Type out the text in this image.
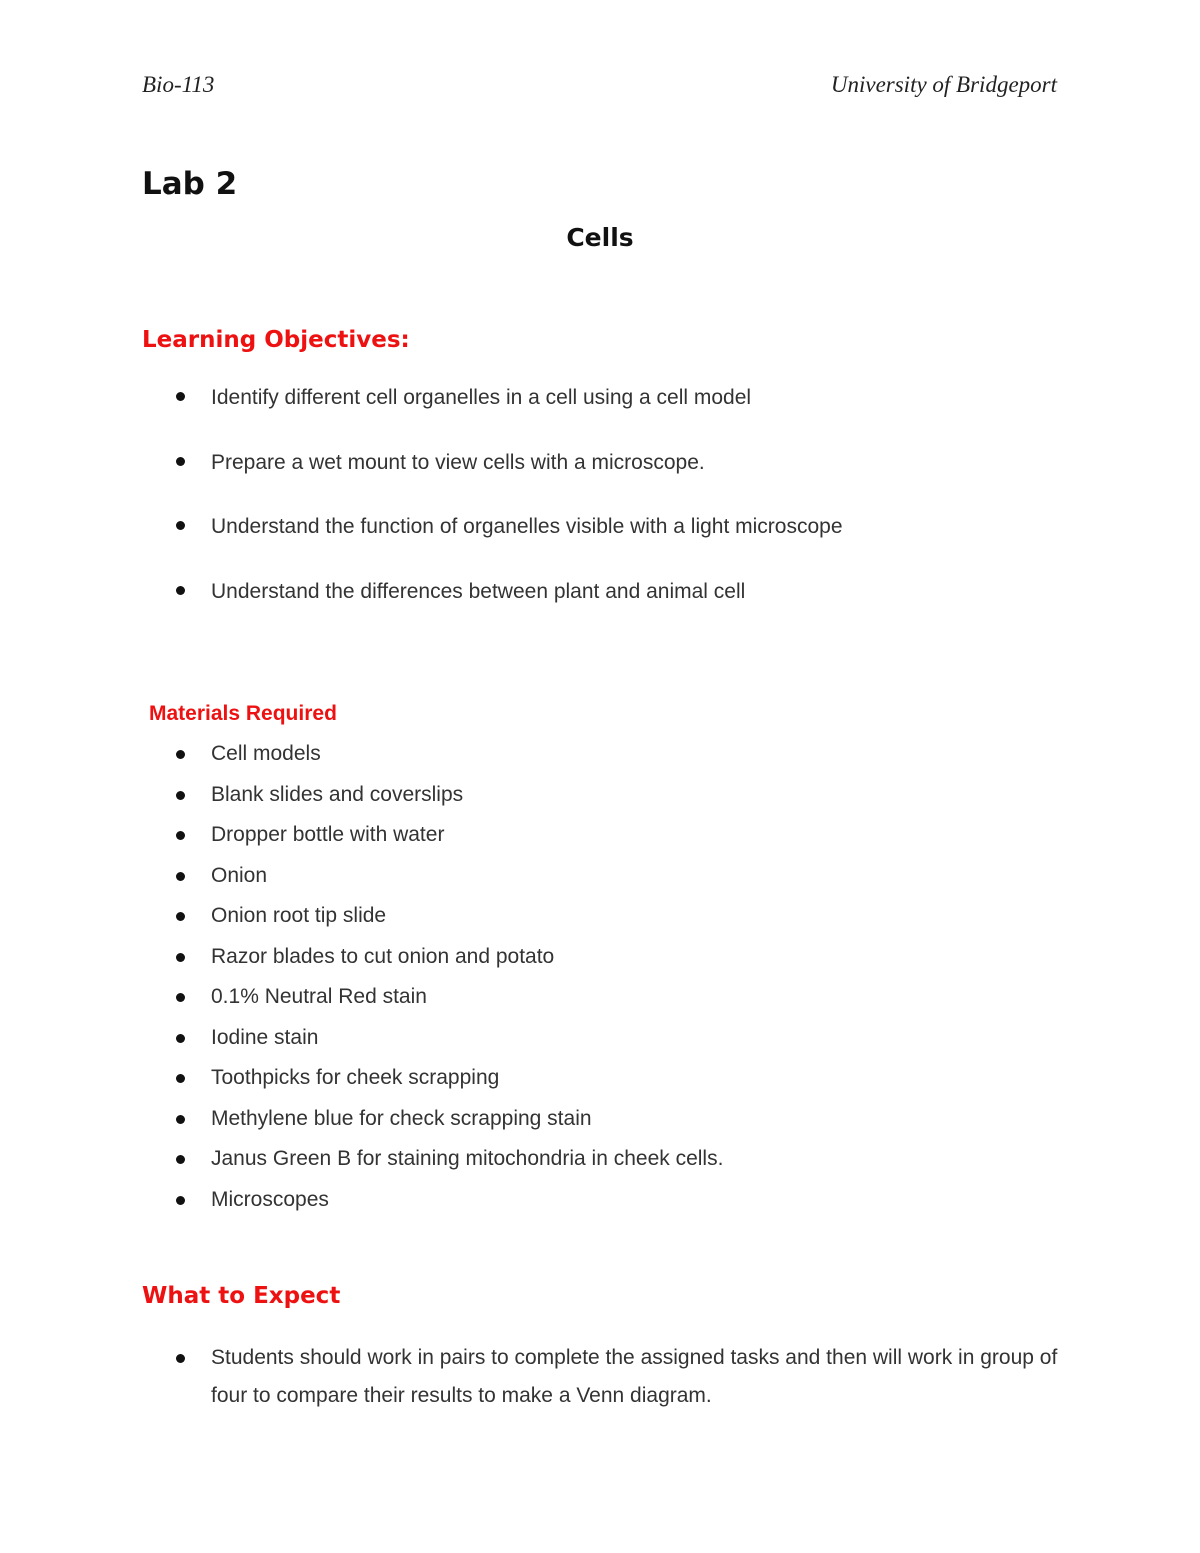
Bio-113	University of Bridgeport
Lab 2
Cells
Learning Objectives:
Identify different cell organelles in a cell using a cell model
Prepare a wet mount to view cells with a microscope.
Understand the function of organelles visible with a light microscope
Understand the differences between plant and animal cell
Materials Required
Cell models
Blank slides and coverslips
Dropper bottle with water
Onion
Onion root tip slide
Razor blades to cut onion and potato
0.1% Neutral Red stain
Iodine stain
Toothpicks for cheek scrapping
Methylene blue for check scrapping stain
Janus Green B for staining mitochondria in cheek cells.
Microscopes
What to Expect
Students should work in pairs to complete the assigned tasks and then will work in group of four to compare their results to make a Venn diagram.
